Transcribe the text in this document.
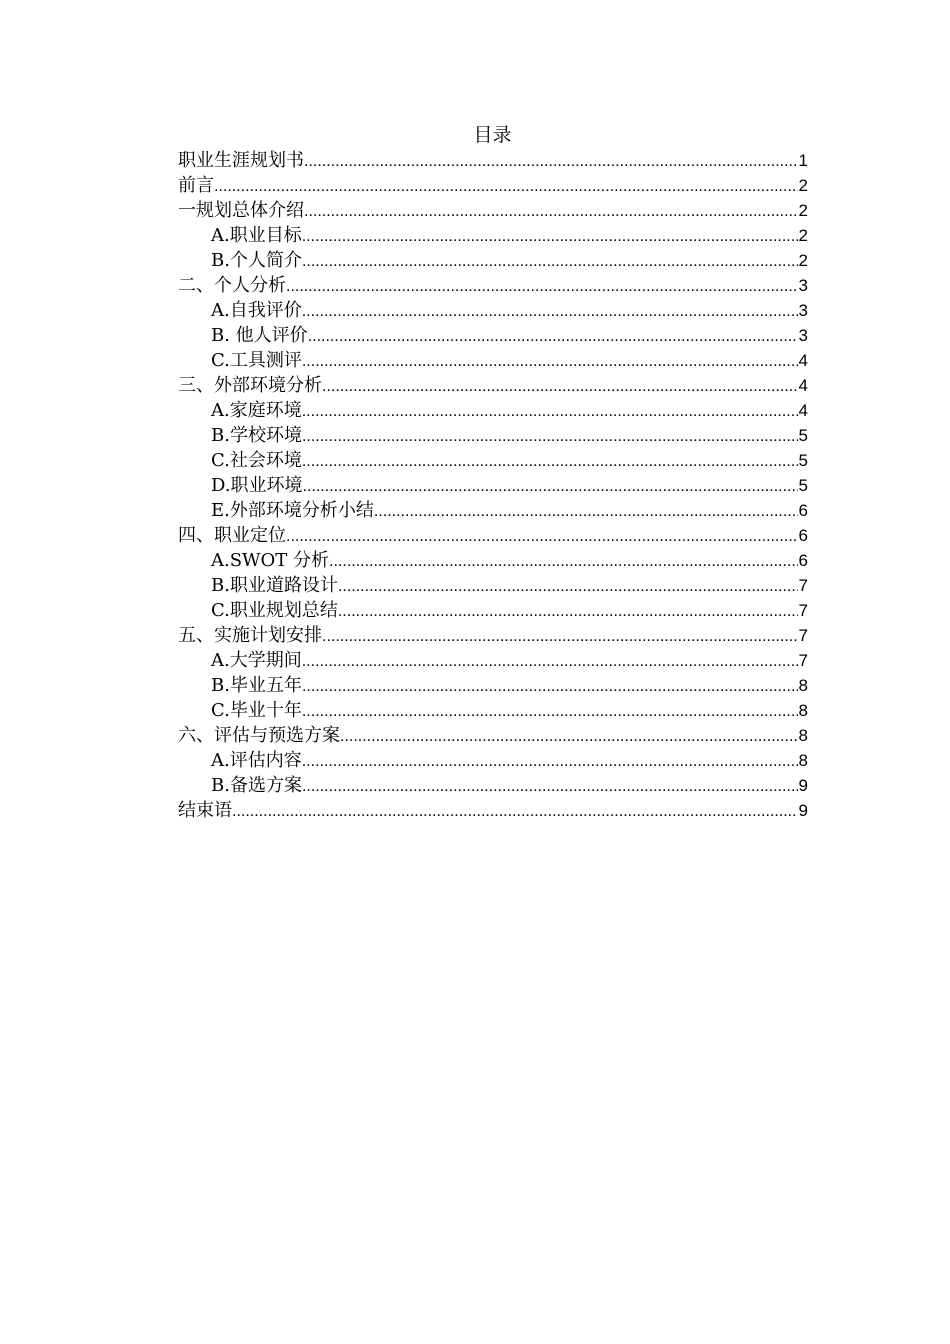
目录
职业生涯规划书 .....	1
前言 .....	2
一规划总体介绍 .....	2
A.职业目标 .....	2
B.个人简介 .....	2
二、个人分析 .....	3
A.自我评价 .....	3
B. 他人评价 .....	3
C.工具测评 .....	4
三、外部环境分析 .....	4
A.家庭环境 .....	4
B.学校环境 .....	5
C.社会环境 .....	5
D.职业环境 .....	5
E.外部环境分析小结 .....	6
四、职业定位 .....	6
A.SWOT 分析 .....	6
B.职业道路设计 .....	7
C.职业规划总结 .....	7
五、实施计划安排 .....	7
A.大学期间 .....	7
B.毕业五年 .....	8
C.毕业十年 .....	8
六、评估与预选方案 .....	8
A.评估内容 .....	8
B.备选方案 .....	9
结束语 .....	9
